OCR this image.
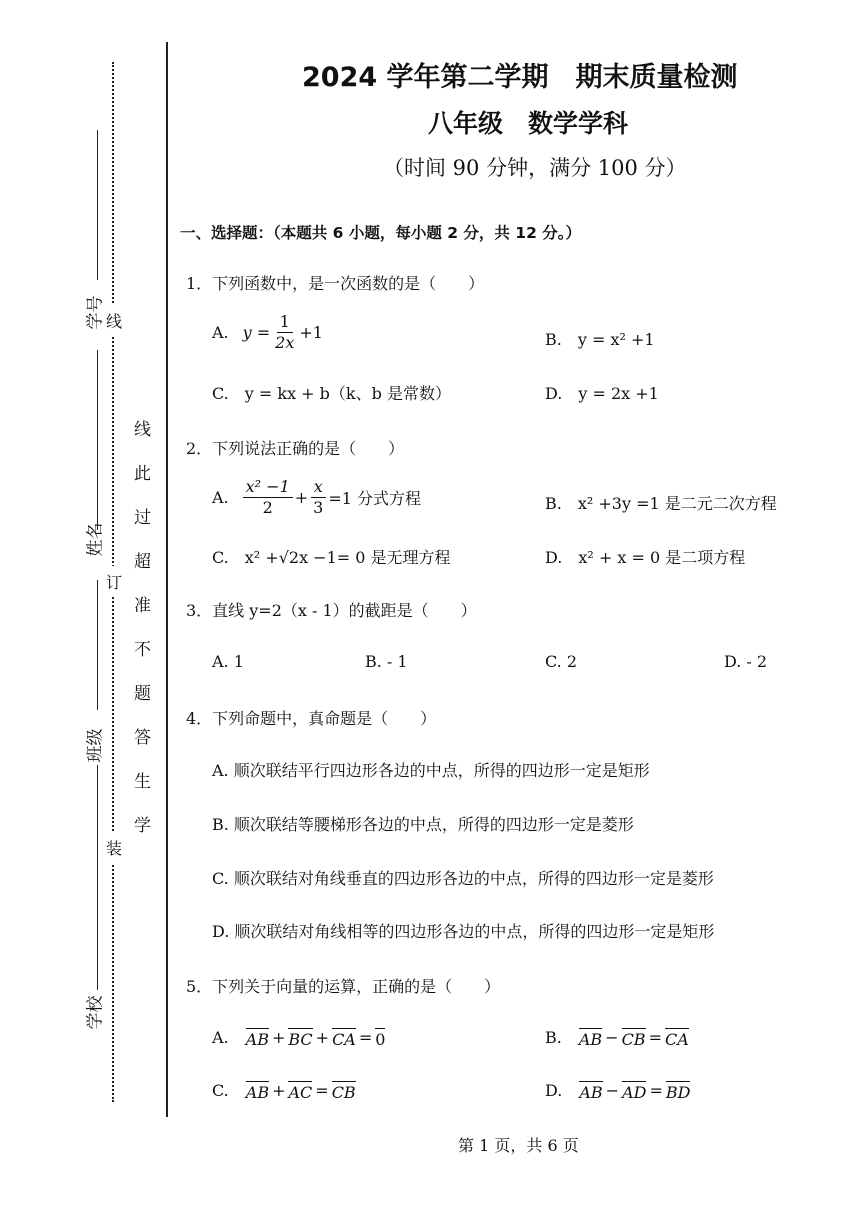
学号
姓名
班级
学校
线
订
装
线
此
过
超
准
不
题
答
生
学
2024 学年第二学期　期末质量检测
八年级　数学学科
（时间 90 分钟，满分 100 分）
一、选择题：（本题共 6 小题，每小题 2 分，共 12 分。）
1．下列函数中，是一次函数的是（　　）
A. $y = \frac{1}{2x} +1$	B.　y = x² +1
C.　y = kx + b（k、b 是常数）	D.　y = 2x +1
2．下列说法正确的是（　　）
A. $\frac{\text{x² −1}}{2} + \frac{x}{3} =1$ 分式方程	B.　x² +3y =1 是二元二次方程
C.　x² +√2x −1= 0 是无理方程	D.　x² + x = 0 是二项方程
3．直线 y=2（x - 1）的截距是（　　）
A. 1	B. - 1	C. 2	D. - 2
4．下列命题中，真命题是（　　）
A. 顺次联结平行四边形各边的中点，所得的四边形一定是矩形
B. 顺次联结等腰梯形各边的中点，所得的四边形一定是菱形
C. 顺次联结对角线垂直的四边形各边的中点，所得的四边形一定是菱形
D. 顺次联结对角线相等的四边形各边的中点，所得的四边形一定是矩形
5．下列关于向量的运算，正确的是（　　）
A. AB + BC + CA = 0	B. AB − CB = CA
C. AB + AC = CB	D. AB − AD = BD
第 1 页，共 6 页
